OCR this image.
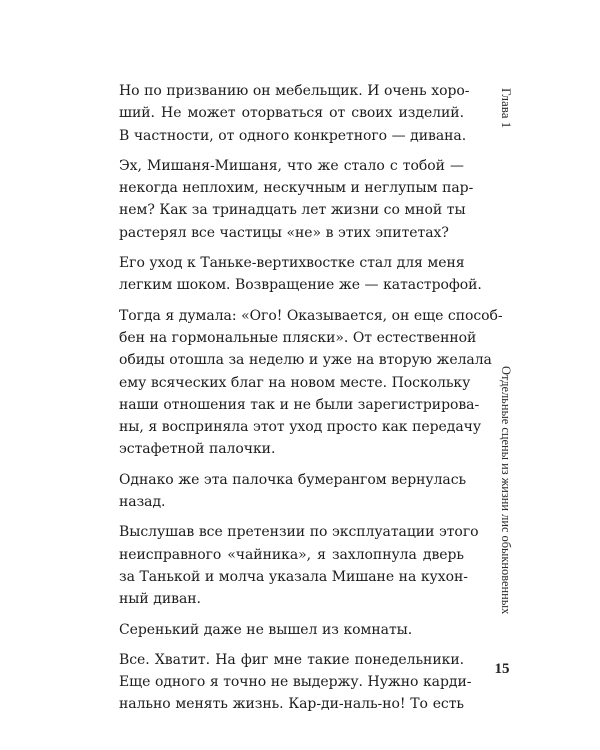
Но по призванию он мебельщик. И очень хоро-
ший. Не может оторваться от своих изделий.
В частности, от одного конкретного — дивана.

Эх, Мишаня-Мишаня, что же стало с тобой —
некогда неплохим, нескучным и неглупым пар-
нем? Как за тринадцать лет жизни со мной ты
растерял все частицы «не» в этих эпитетах?

Его уход к Таньке-вертихвостке стал для меня
легким шоком. Возвращение же — катастрофой.

Тогда я думала: «Ого! Оказывается, он еще способ-
бен на гормональные пляски». От естественной
обиды отошла за неделю и уже на вторую желала
ему всяческих благ на новом месте. Поскольку
наши отношения так и не были зарегистрирова-
ны, я восприняла этот уход просто как передачу
эстафетной палочки.

Однако же эта палочка бумерангом вернулась
назад.

Выслушав все претензии по эксплуатации этого
неисправного «чайника», я захлопнула дверь
за Танькой и молча указала Мишане на кухон-
ный диван.

Серенький даже не вышел из комнаты.

Все. Хватит. На фиг мне такие понедельники.
Еще одного я точно не выдержу. Нужно карди-
нально менять жизнь. Кар-ди-наль-но! То есть

Глава 1
Отдельные сцены из жизни лис обыкновенных
15
